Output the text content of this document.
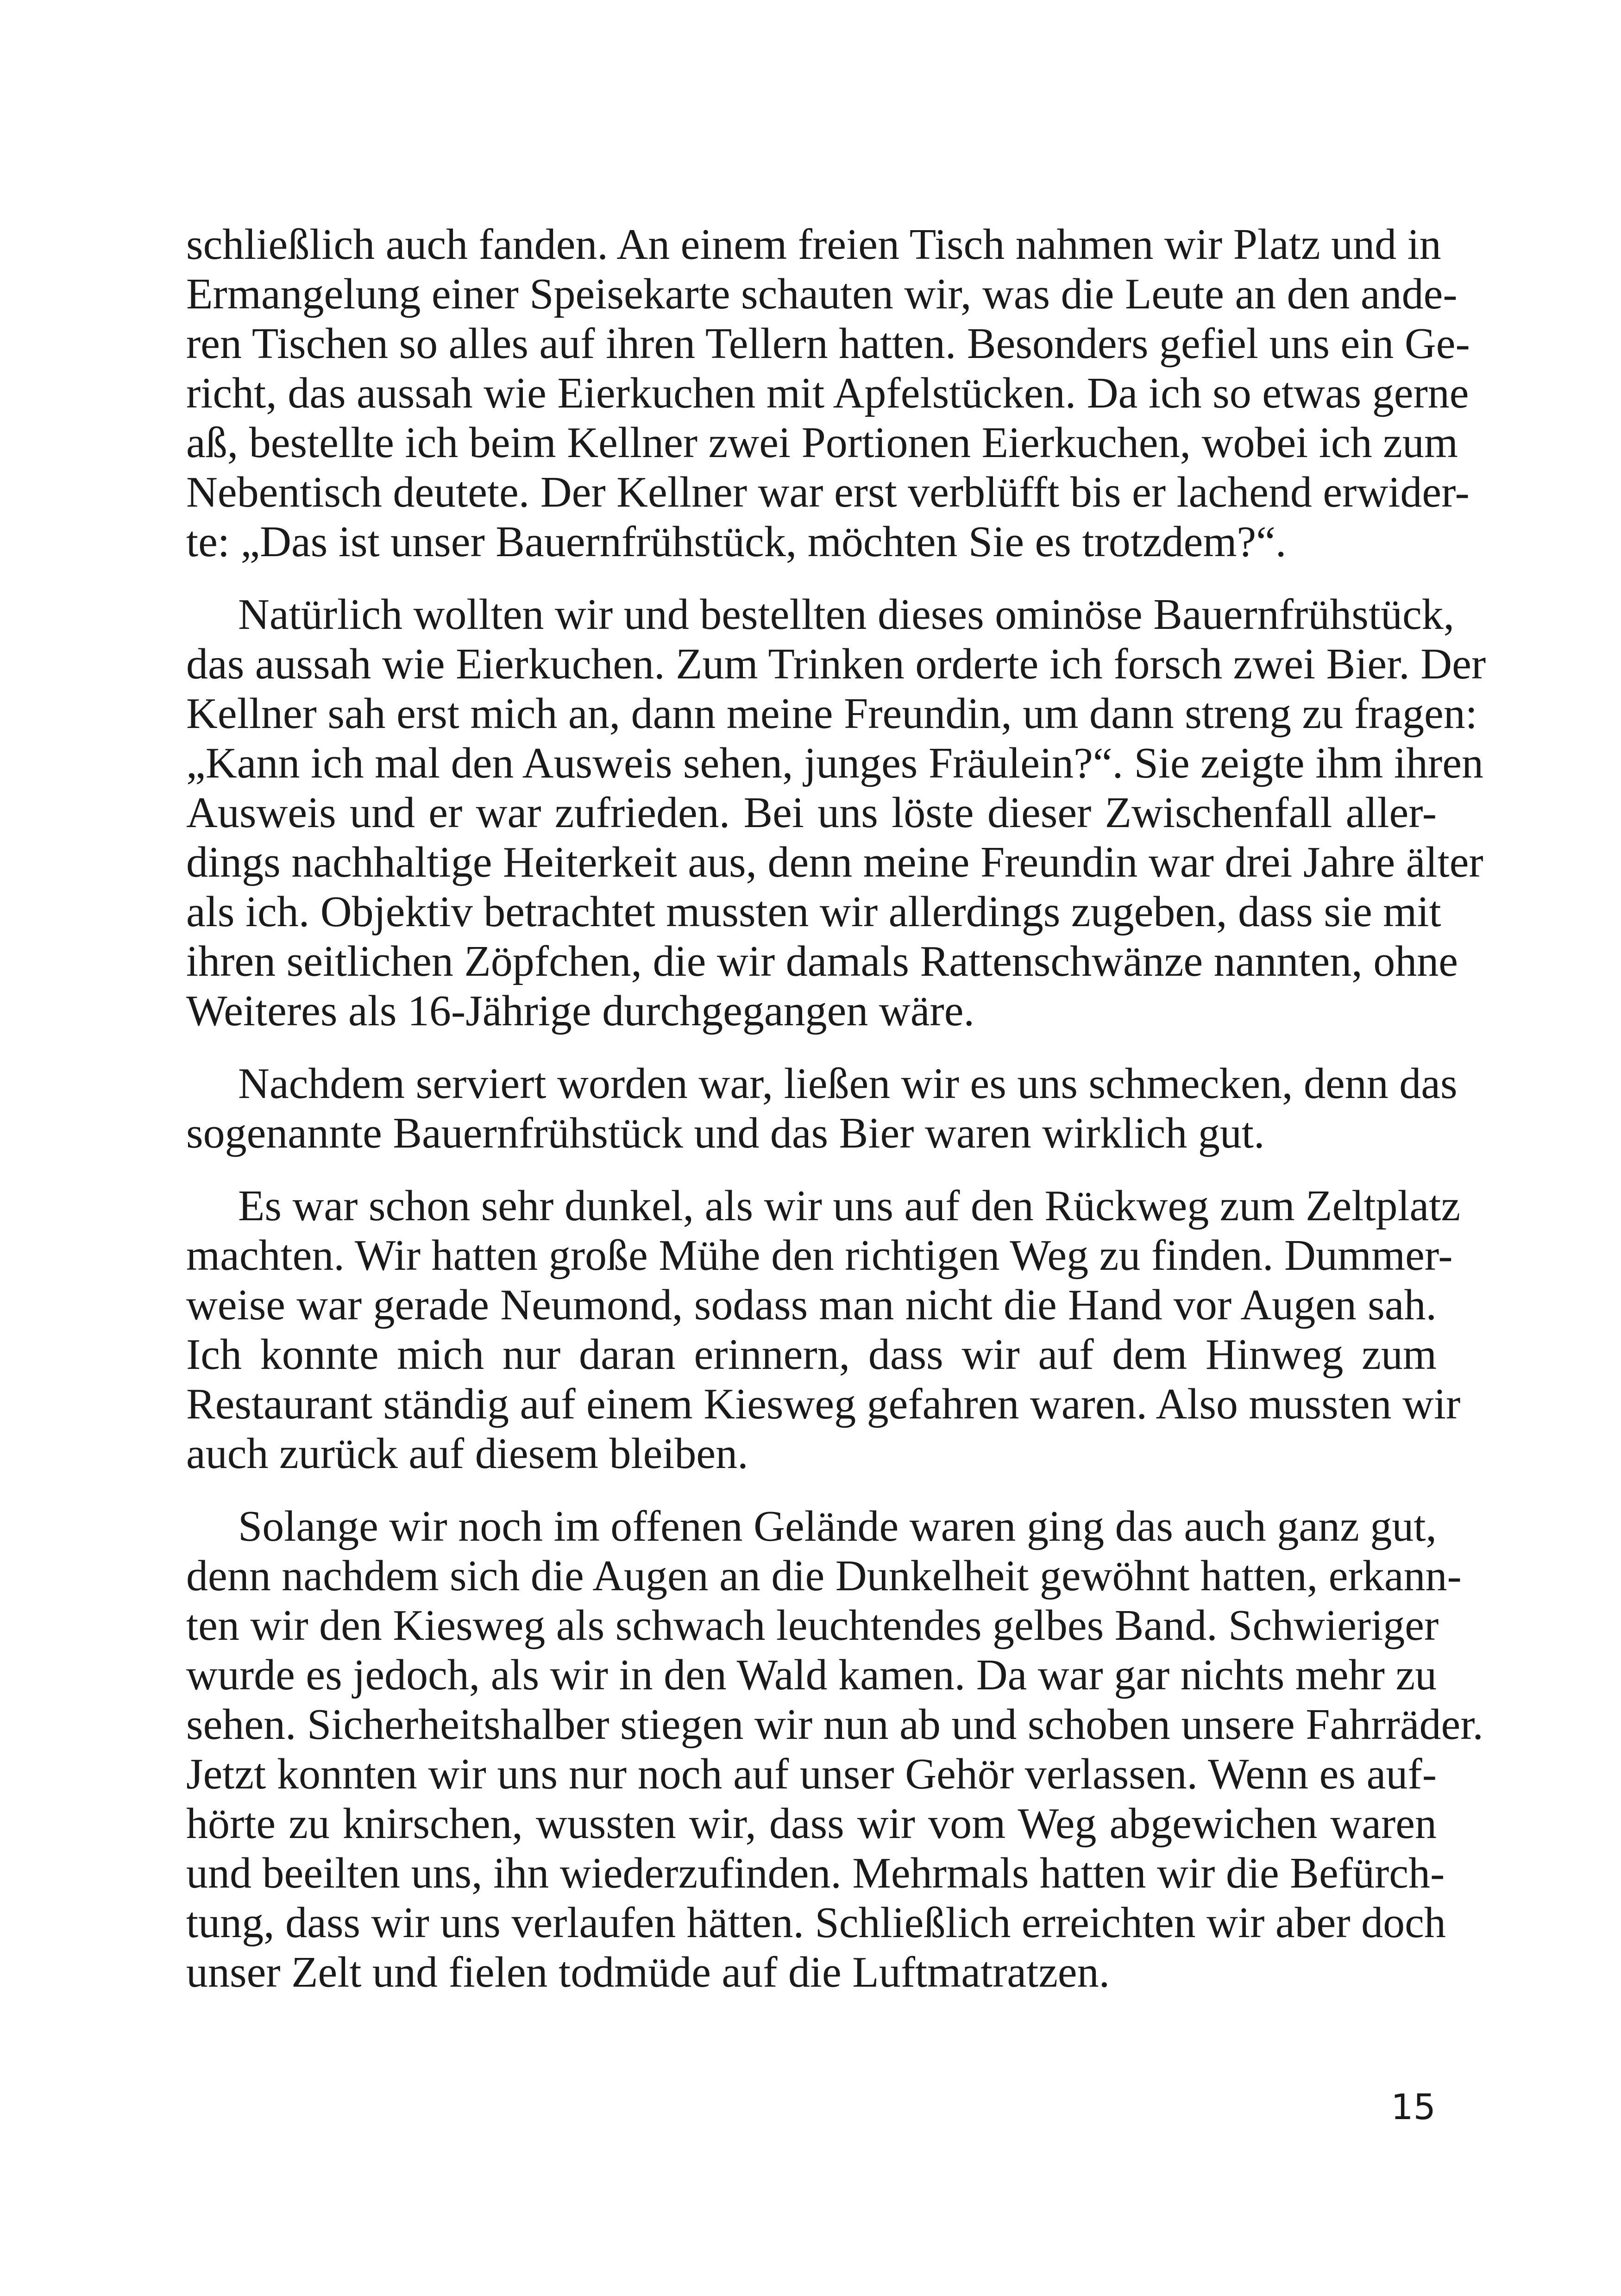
schließlich auch fanden. An einem freien Tisch nahmen wir Platz und in
Ermangelung einer Speisekarte schauten wir, was die Leute an den ande-
ren Tischen so alles auf ihren Tellern hatten. Besonders gefiel uns ein Ge-
richt, das aussah wie Eierkuchen mit Apfelstücken. Da ich so etwas gerne
aß, bestellte ich beim Kellner zwei Portionen Eierkuchen, wobei ich zum
Nebentisch deutete. Der Kellner war erst verblüfft bis er lachend erwider-
te: „Das ist unser Bauernfrühstück, möchten Sie es trotzdem?“.

Natürlich wollten wir und bestellten dieses ominöse Bauernfrühstück,
das aussah wie Eierkuchen. Zum Trinken orderte ich forsch zwei Bier. Der
Kellner sah erst mich an, dann meine Freundin, um dann streng zu fragen:
„Kann ich mal den Ausweis sehen, junges Fräulein?“. Sie zeigte ihm ihren
Ausweis und er war zufrieden. Bei uns löste dieser Zwischenfall aller-
dings nachhaltige Heiterkeit aus, denn meine Freundin war drei Jahre älter
als ich. Objektiv betrachtet mussten wir allerdings zugeben, dass sie mit
ihren seitlichen Zöpfchen, die wir damals Rattenschwänze nannten, ohne
Weiteres als 16-Jährige durchgegangen wäre.

Nachdem serviert worden war, ließen wir es uns schmecken, denn das
sogenannte Bauernfrühstück und das Bier waren wirklich gut.

Es war schon sehr dunkel, als wir uns auf den Rückweg zum Zeltplatz
machten. Wir hatten große Mühe den richtigen Weg zu finden. Dummer-
weise war gerade Neumond, sodass man nicht die Hand vor Augen sah.
Ich konnte mich nur daran erinnern, dass wir auf dem Hinweg zum
Restaurant ständig auf einem Kiesweg gefahren waren. Also mussten wir
auch zurück auf diesem bleiben.

Solange wir noch im offenen Gelände waren ging das auch ganz gut,
denn nachdem sich die Augen an die Dunkelheit gewöhnt hatten, erkann-
ten wir den Kiesweg als schwach leuchtendes gelbes Band. Schwieriger
wurde es jedoch, als wir in den Wald kamen. Da war gar nichts mehr zu
sehen. Sicherheitshalber stiegen wir nun ab und schoben unsere Fahrräder.
Jetzt konnten wir uns nur noch auf unser Gehör verlassen. Wenn es auf-
hörte zu knirschen, wussten wir, dass wir vom Weg abgewichen waren
und beeilten uns, ihn wiederzufinden. Mehrmals hatten wir die Befürch-
tung, dass wir uns verlaufen hätten. Schließlich erreichten wir aber doch
unser Zelt und fielen todmüde auf die Luftmatratzen.

15
